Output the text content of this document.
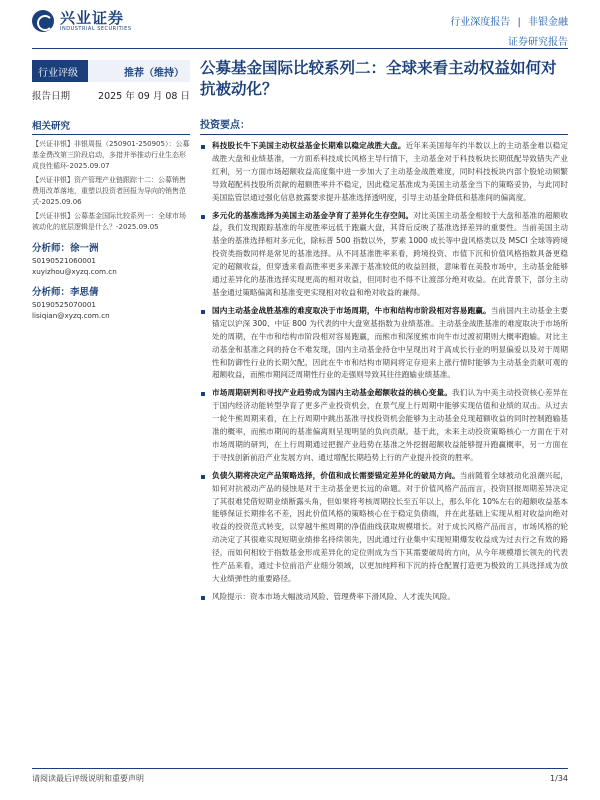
兴业证券
INDUSTRIAL SECURITIES
行业深度报告 | 非银金融
证券研究报告
行业评级	推荐（维持）
报告日期	2025 年 09 月 08 日
相关研究

【兴证非银】非银周报（250901-250905）：公募基金费改第三阶段启动，多措并举推动行业生态形成良性循环-2025.09.07

【兴证非银】资产管理产业链跟踪十二：公募销售费用改革落地，重塑以投资者回报为导向的销售范式-2025.09.06

【兴证非银】公募基金国际比较系列一：全球市场被动化的底层逻辑是什么？-2025.09.05

分析师：徐一洲
S0190521060001
xuyizhou@xyzq.com.cn
分析师：李思倩
S0190525070001
lisiqian@xyzq.com.cn
公募基金国际比较系列二：全球来看主动权益如何对抗被动化？
投资要点：
科技股长牛下美国主动权益基金长期难以稳定战胜大盘。近年来美国每年约半数以上的主动基金难以稳定战胜大盘和业绩基准，一方面系科技成长风格主导行情下，主动基金对于科技板块长期低配导致错失产业红利，另一方面市场超额收益高度集中进一步加大了主动基金战胜难度，同时科技板块内部个股轮动频繁导致超配科技股所贡献的超额胜率并不稳定，因此稳定基准成为美国主动基金当下的策略妥协，与此同时美国监管层通过强化信息披露要求提升基准选择透明度，引导主动基金降低和基准间的偏离度。
多元化的基准选择为美国主动基金孕育了差异化生存空间。对比美国主动基金相较于大盘和基准的超额收益，我们发现跟踪基准的年度胜率远低于跑赢大盘，其背后反映了基准选择差异的重要性。当前美国主动基金的基准选择相对多元化，除标普 500 指数以外，罗素 1000 成长等中盘风格类以及 MSCI 全球等跨境投资类指数同样是常见的基准选择。从不同基准胜率来看，跨境投资、市值下沉和价值风格指数具备更稳定的超额收益，但穿透来看高胜率更多来源于基准较低的收益回报，意味着在美股市场中，主动基金能够通过差异化的基准选择实现更高的相对收益，但同时也不得不让渡部分绝对收益。在此背景下，部分主动基金通过策略偏离和基准变更实现相对收益和绝对收益的兼得。
国内主动基金战胜基准的难度取决于市场周期，牛市和结构市阶段相对容易跑赢。当前国内主动基金主要锚定以沪深 300、中证 800 为代表的中大盘宽基指数为业绩基准。主动基金战胜基准的难度取决于市场所处的周期，在牛市和结构市阶段相对容易跑赢，而熊市和深度熊市向牛市过渡初期则大概率跑输。对比主动基金和基准之间的持仓不难发现，国内主动基金持仓中呈现出对于高成长行业的明显偏爱以及对于周期性和防御性行业的长期欠配，因此在牛市和结构市期间将定存迎来上涨行情时能够为主动基金贡献可观的超额收益，而熊市期间泛周期性行业的走强则导致其往往跑输业绩基准。
市场周期研判和寻找产业趋势成为国内主动基金超额收益的核心变量。我们认为中美主动投资核心差异在于国内经济动能转型孕育了更多产业投资机会，在景气度上行周期中能够实现估值和业绩的双击。从过去一轮牛熊周期来看，在上行周期中跳出基准寻找投资机会能够为主动基金兑现超额收益的同时控制跑输基准的概率，而熊市期间的基准偏离则呈现明显的负向贡献。基于此，未来主动投资策略核心一方面在于对市场周期的研判，在上行周期通过把握产业趋势在基准之外挖掘超额收益能够提升跑赢概率，另一方面在于寻找创新前沿产业发展方向、通过增配长期趋势上行的产业提升投资的胜率。
负债久期将决定产品策略选择，价值和成长需要锚定差异化的破局方向。当前随着全球被动化浪潮兴起，如何对抗被动产品的侵蚀是对于主动基金更长远的命题。对于价值风格产品而言，投资回报周期差异决定了其很难凭借短期业绩断露头角，但如果将考核周期拉长至五年以上，那么年化 10%左右的超额收益基本能够保证长期排名不差，因此价值风格的策略核心在于稳定负债端，并在此基础上实现从相对收益向绝对收益的投资范式转变，以穿越牛熊周期的净值曲线获取规模增长。对于成长风格产品而言，市场风格的轮动决定了其很难实现短期业绩排名持续领先，因此通过行业集中实现短期爆发收益成为过去行之有效的路径，而如何相较于指数基金形成差异化的定位则成为当下其需要破局的方向，从今年规模增长领先的代表性产品来看，通过卡位前沿产业细分领域，以更加纯粹和下沉的持仓配置打造更为极致的工具选择成为放大业绩弹性的重要路径。
风险提示：资本市场大幅波动风险、管理费率下滑风险、人才流失风险。
请阅读最后评级说明和重要声明	1/34
